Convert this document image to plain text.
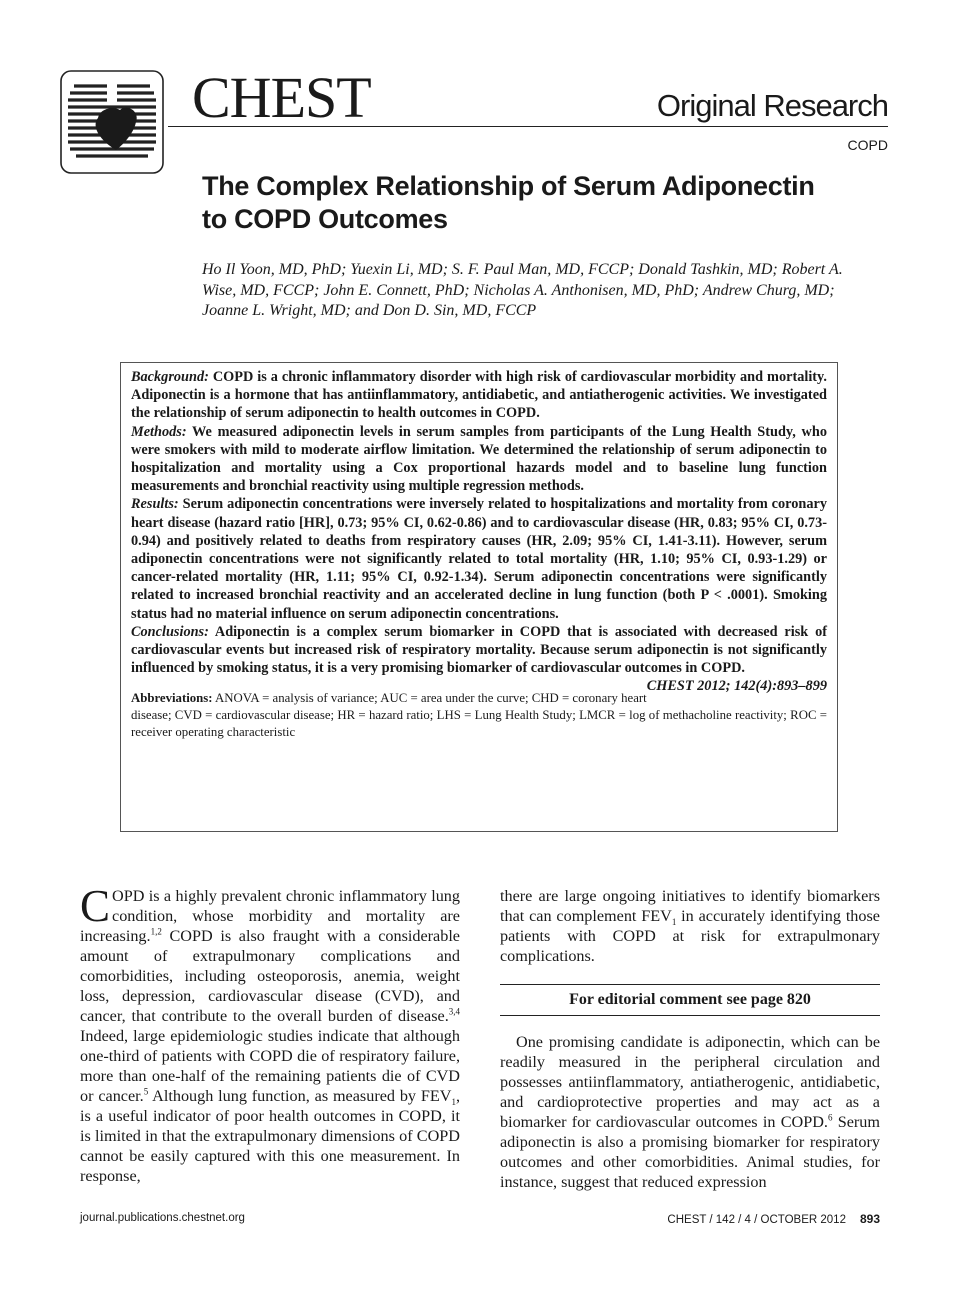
CHEST	Original Research
COPD
The Complex Relationship of Serum Adiponectin to COPD Outcomes
Ho Il Yoon, MD, PhD; Yuexin Li, MD; S. F. Paul Man, MD, FCCP; Donald Tashkin, MD; Robert A. Wise, MD, FCCP; John E. Connett, PhD; Nicholas A. Anthonisen, MD, PhD; Andrew Churg, MD; Joanne L. Wright, MD; and Don D. Sin, MD, FCCP

Background: COPD is a chronic inflammatory disorder with high risk of cardiovascular morbidity and mortality. Adiponectin is a hormone that has antiinflammatory, antidiabetic, and antiatherogenic activities. We investigated the relationship of serum adiponectin to health outcomes in COPD.

Methods: We measured adiponectin levels in serum samples from participants of the Lung Health Study, who were smokers with mild to moderate airflow limitation. We determined the relationship of serum adiponectin to hospitalization and mortality using a Cox proportional hazards model and to baseline lung function measurements and bronchial reactivity using multiple regression methods.

Results: Serum adiponectin concentrations were inversely related to hospitalizations and mortality from coronary heart disease (hazard ratio [HR], 0.73; 95% CI, 0.62-0.86) and to cardiovascular disease (HR, 0.83; 95% CI, 0.73-0.94) and positively related to deaths from respiratory causes (HR, 2.09; 95% CI, 1.41-3.11). However, serum adiponectin concentrations were not significantly related to total mortality (HR, 1.10; 95% CI, 0.93-1.29) or cancer-related mortality (HR, 1.11; 95% CI, 0.92-1.34). Serum adiponectin concentrations were significantly related to increased bronchial reactivity and an accelerated decline in lung function (both P < .0001). Smoking status had no material influence on serum adiponectin concentrations.

Conclusions: Adiponectin is a complex serum biomarker in COPD that is associated with decreased risk of cardiovascular events but increased risk of respiratory mortality. Because serum adiponectin is not significantly influenced by smoking status, it is a very promising biomarker of cardiovascular outcomes in COPD.
CHEST 2012; 142(4):893–899

Abbreviations: ANOVA = analysis of variance; AUC = area under the curve; CHD = coronary heart disease; CVD = cardiovascular disease; HR = hazard ratio; LHS = Lung Health Study; LMCR = log of methacholine reactivity; ROC = receiver operating characteristic

COPD is a highly prevalent chronic inflammatory lung condition, whose morbidity and mortality are increasing.$^{1,2}$ COPD is also fraught with a considerable amount of extrapulmonary complications and comorbidities, including osteoporosis, anemia, weight loss, depression, cardiovascular disease (CVD), and cancer, that contribute to the overall burden of disease.$^{3,4}$ Indeed, large epidemiologic studies indicate that although one-third of patients with COPD die of respiratory failure, more than one-half of the remaining patients die of CVD or cancer.$^5$ Although lung function, as measured by $FEV_1$, is a useful indicator of poor health outcomes in COPD, it is limited in that the extrapulmonary dimensions of COPD cannot be easily captured with this one measurement. In response,

there are large ongoing initiatives to identify biomarkers that can complement $FEV_1$ in accurately identifying those patients with COPD at risk for extrapulmonary complications.

For editorial comment see page 820

One promising candidate is adiponectin, which can be readily measured in the peripheral circulation and possesses antiinflammatory, antiatherogenic, antidiabetic, and cardioprotective properties and may act as a biomarker for cardiovascular outcomes in COPD.$^6$ Serum adiponectin is also a promising biomarker for respiratory outcomes and other comorbidities. Animal studies, for instance, suggest that reduced expression

journal.publications.chestnet.org	CHEST / 142 / 4 / OCTOBER 2012 893
